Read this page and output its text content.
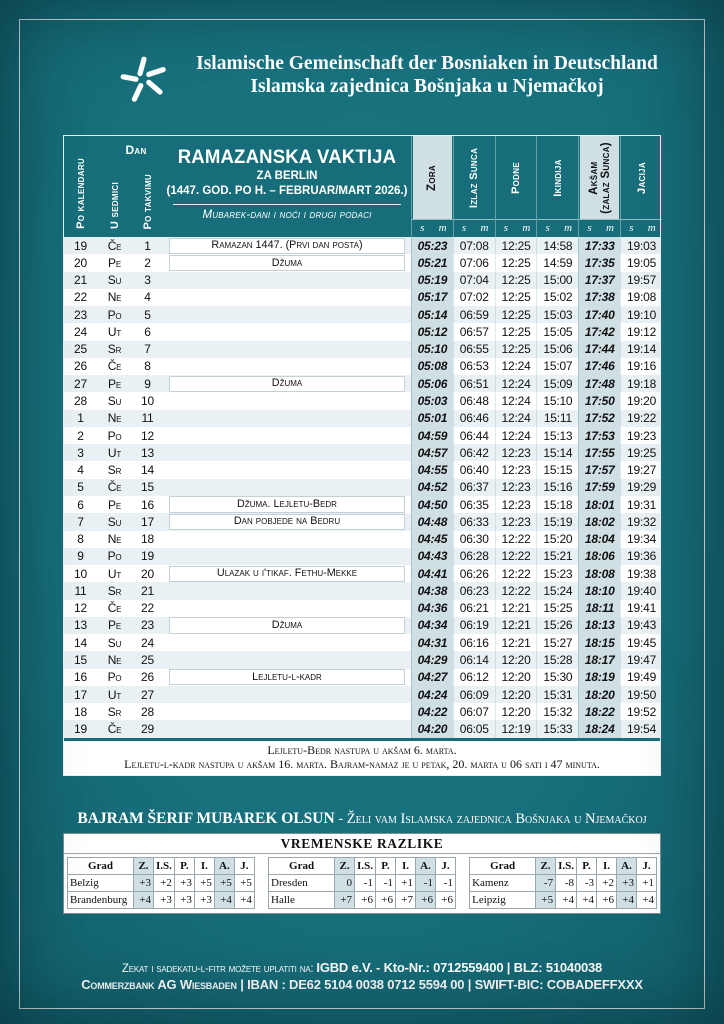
Islamische Gemeinschaft der Bosniaken in Deutschland
Islamska zajednica Bošnjaka u Njemačkoj
Dan
Po kalendaru U sedmici Po takvimu
RAMAZANSKA VAKTIJA
ZA BERLIN
(1447. GOD. PO H. – FEBRUAR/MART 2026.)
Mubarek-dani i noći i drugi podaci
Zora
s	m
Izlaz Sunca
s	m
Podne
s	m
Ikindija
s	m
Akšam
(zalaz Sunca)
s	m
Jacija
s	m
19	Če	1	Ramazan 1447. (Prvi dan posta)	05:23	07:08	12:25	14:58	17:33	19:03
20	Pe	2	Džuma	05:21	07:06	12:25	14:59	17:35	19:05
21	Su	3	05:19	07:04	12:25	15:00	17:37	19:57
22	Ne	4	05:17	07:02	12:25	15:02	17:38	19:08
23	Po	5	05:14	06:59	12:25	15:03	17:40	19:10
24	Ut	6	05:12	06:57	12:25	15:05	17:42	19:12
25	Sr	7	05:10	06:55	12:25	15:06	17:44	19:14
26	Če	8	05:08	06:53	12:24	15:07	17:46	19:16
27	Pe	9	Džuma	05:06	06:51	12:24	15:09	17:48	19:18
28	Su	10	05:03	06:48	12:24	15:10	17:50	19:20
1	Ne	11	05:01	06:46	12:24	15:11	17:52	19:22
2	Po	12	04:59	06:44	12:24	15:13	17:53	19:23
3	Ut	13	04:57	06:42	12:23	15:14	17:55	19:25
4	Sr	14	04:55	06:40	12:23	15:15	17:57	19:27
5	Če	15	04:52	06:37	12:23	15:16	17:59	19:29
6	Pe	16	Džuma. Lejletu-Bedr	04:50	06:35	12:23	15:18	18:01	19:31
7	Su	17	Dan pobjede na Bedru	04:48	06:33	12:23	15:19	18:02	19:32
8	Ne	18	04:45	06:30	12:22	15:20	18:04	19:34
9	Po	19	04:43	06:28	12:22	15:21	18:06	19:36
10	Ut	20	Ulazak u i'tikaf. Fethu-Mekke	04:41	06:26	12:22	15:23	18:08	19:38
11	Sr	21	04:38	06:23	12:22	15:24	18:10	19:40
12	Če	22	04:36	06:21	12:21	15:25	18:11	19:41
13	Pe	23	Džuma	04:34	06:19	12:21	15:26	18:13	19:43
14	Su	24	04:31	06:16	12:21	15:27	18:15	19:45
15	Ne	25	04:29	06:14	12:20	15:28	18:17	19:47
16	Po	26	Lejletu-l-kadr	04:27	06:12	12:20	15:30	18:19	19:49
17	Ut	27	04:24	06:09	12:20	15:31	18:20	19:50
18	Sr	28	04:22	06:07	12:20	15:32	18:22	19:52
19	Če	29	04:20	06:05	12:19	15:33	18:24	19:54
Lejletu-Bedr nastupa u akšam 6. marta.
Lejletu-l-kadr nastupa u akšam 16. marta. Bajram-namaz je u petak, 20. marta u 06 sati i 47 minuta.
BAJRAM ŠERIF MUBAREK OLSUN - Želi vam Islamska zajednica Bošnjaka u Njemačkoj
VREMENSKE RAZLIKE
Grad	Z.	I.S.	P.	I.	A.	J.
Belzig	+3	+2	+3	+5	+5	+5
Brandenburg	+4	+3	+3	+3	+4	+4
Grad	Z.	I.S.	P.	I.	A.	J.
Dresden	0	-1	-1	+1	-1	-1
Halle	+7	+6	+6	+7	+6	+6
Grad	Z.	I.S.	P.	I.	A.	J.
Kamenz	-7	-8	-3	+2	+3	+1
Leipzig	+5	+4	+4	+6	+4	+4
Zekat i sadekatu-l-fitr možete uplatiti na: IGBD e.V. - Kto-Nr.: 0712559400 | BLZ: 51040038
Commerzbank AG Wiesbaden | IBAN : DE62 5104 0038 0712 5594 00 | SWIFT-BIC: COBADEFFXXX
